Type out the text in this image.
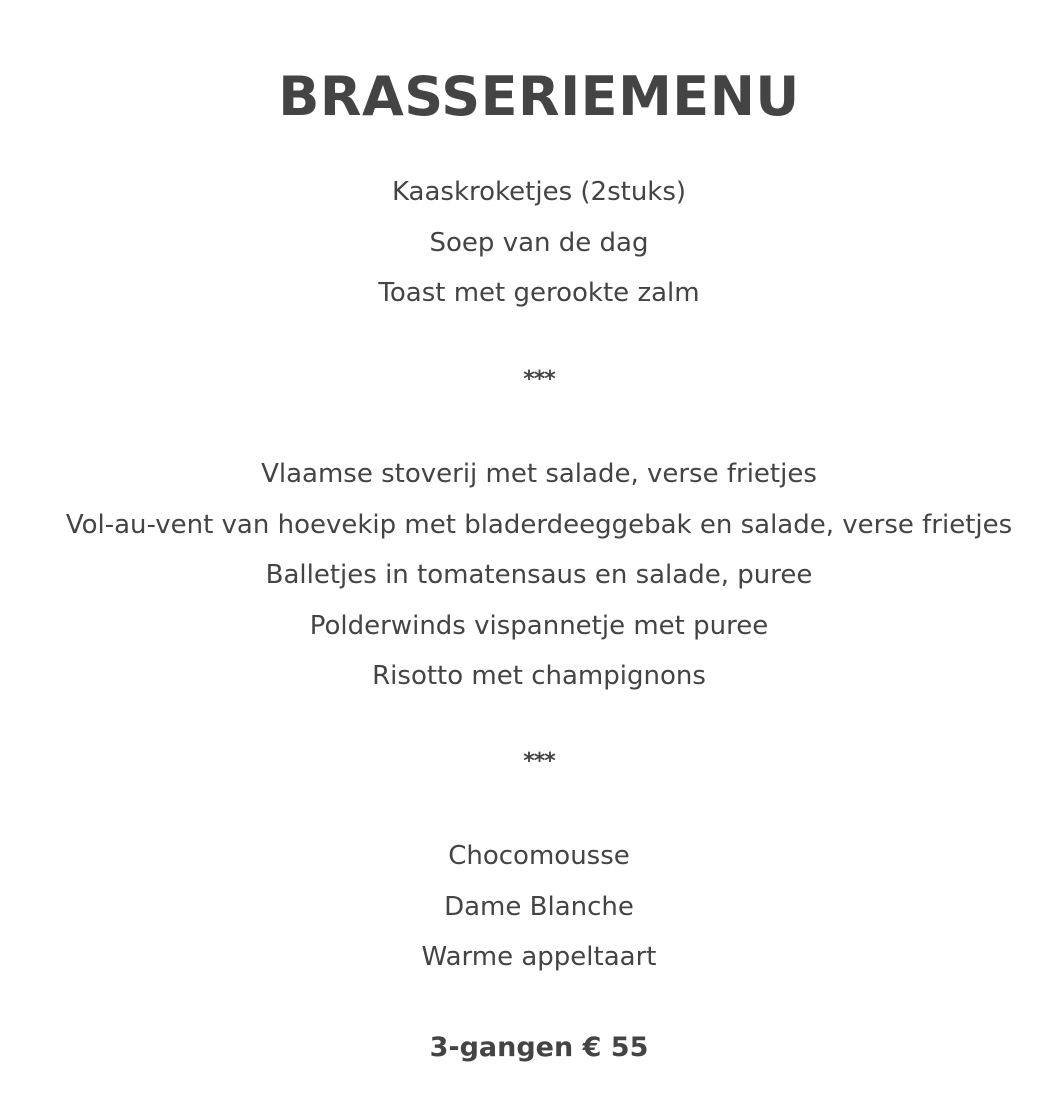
BRASSERIEMENU
Kaaskroketjes (2stuks)
Soep van de dag
Toast met gerookte zalm
***
Vlaamse stoverij met salade, verse frietjes
Vol-au-vent van hoevekip met bladerdeeggebak en salade, verse frietjes
Balletjes in tomatensaus en salade, puree
Polderwinds vispannetje met puree
Risotto met champignons
***
Chocomousse
Dame Blanche
Warme appeltaart
3-gangen € 55
